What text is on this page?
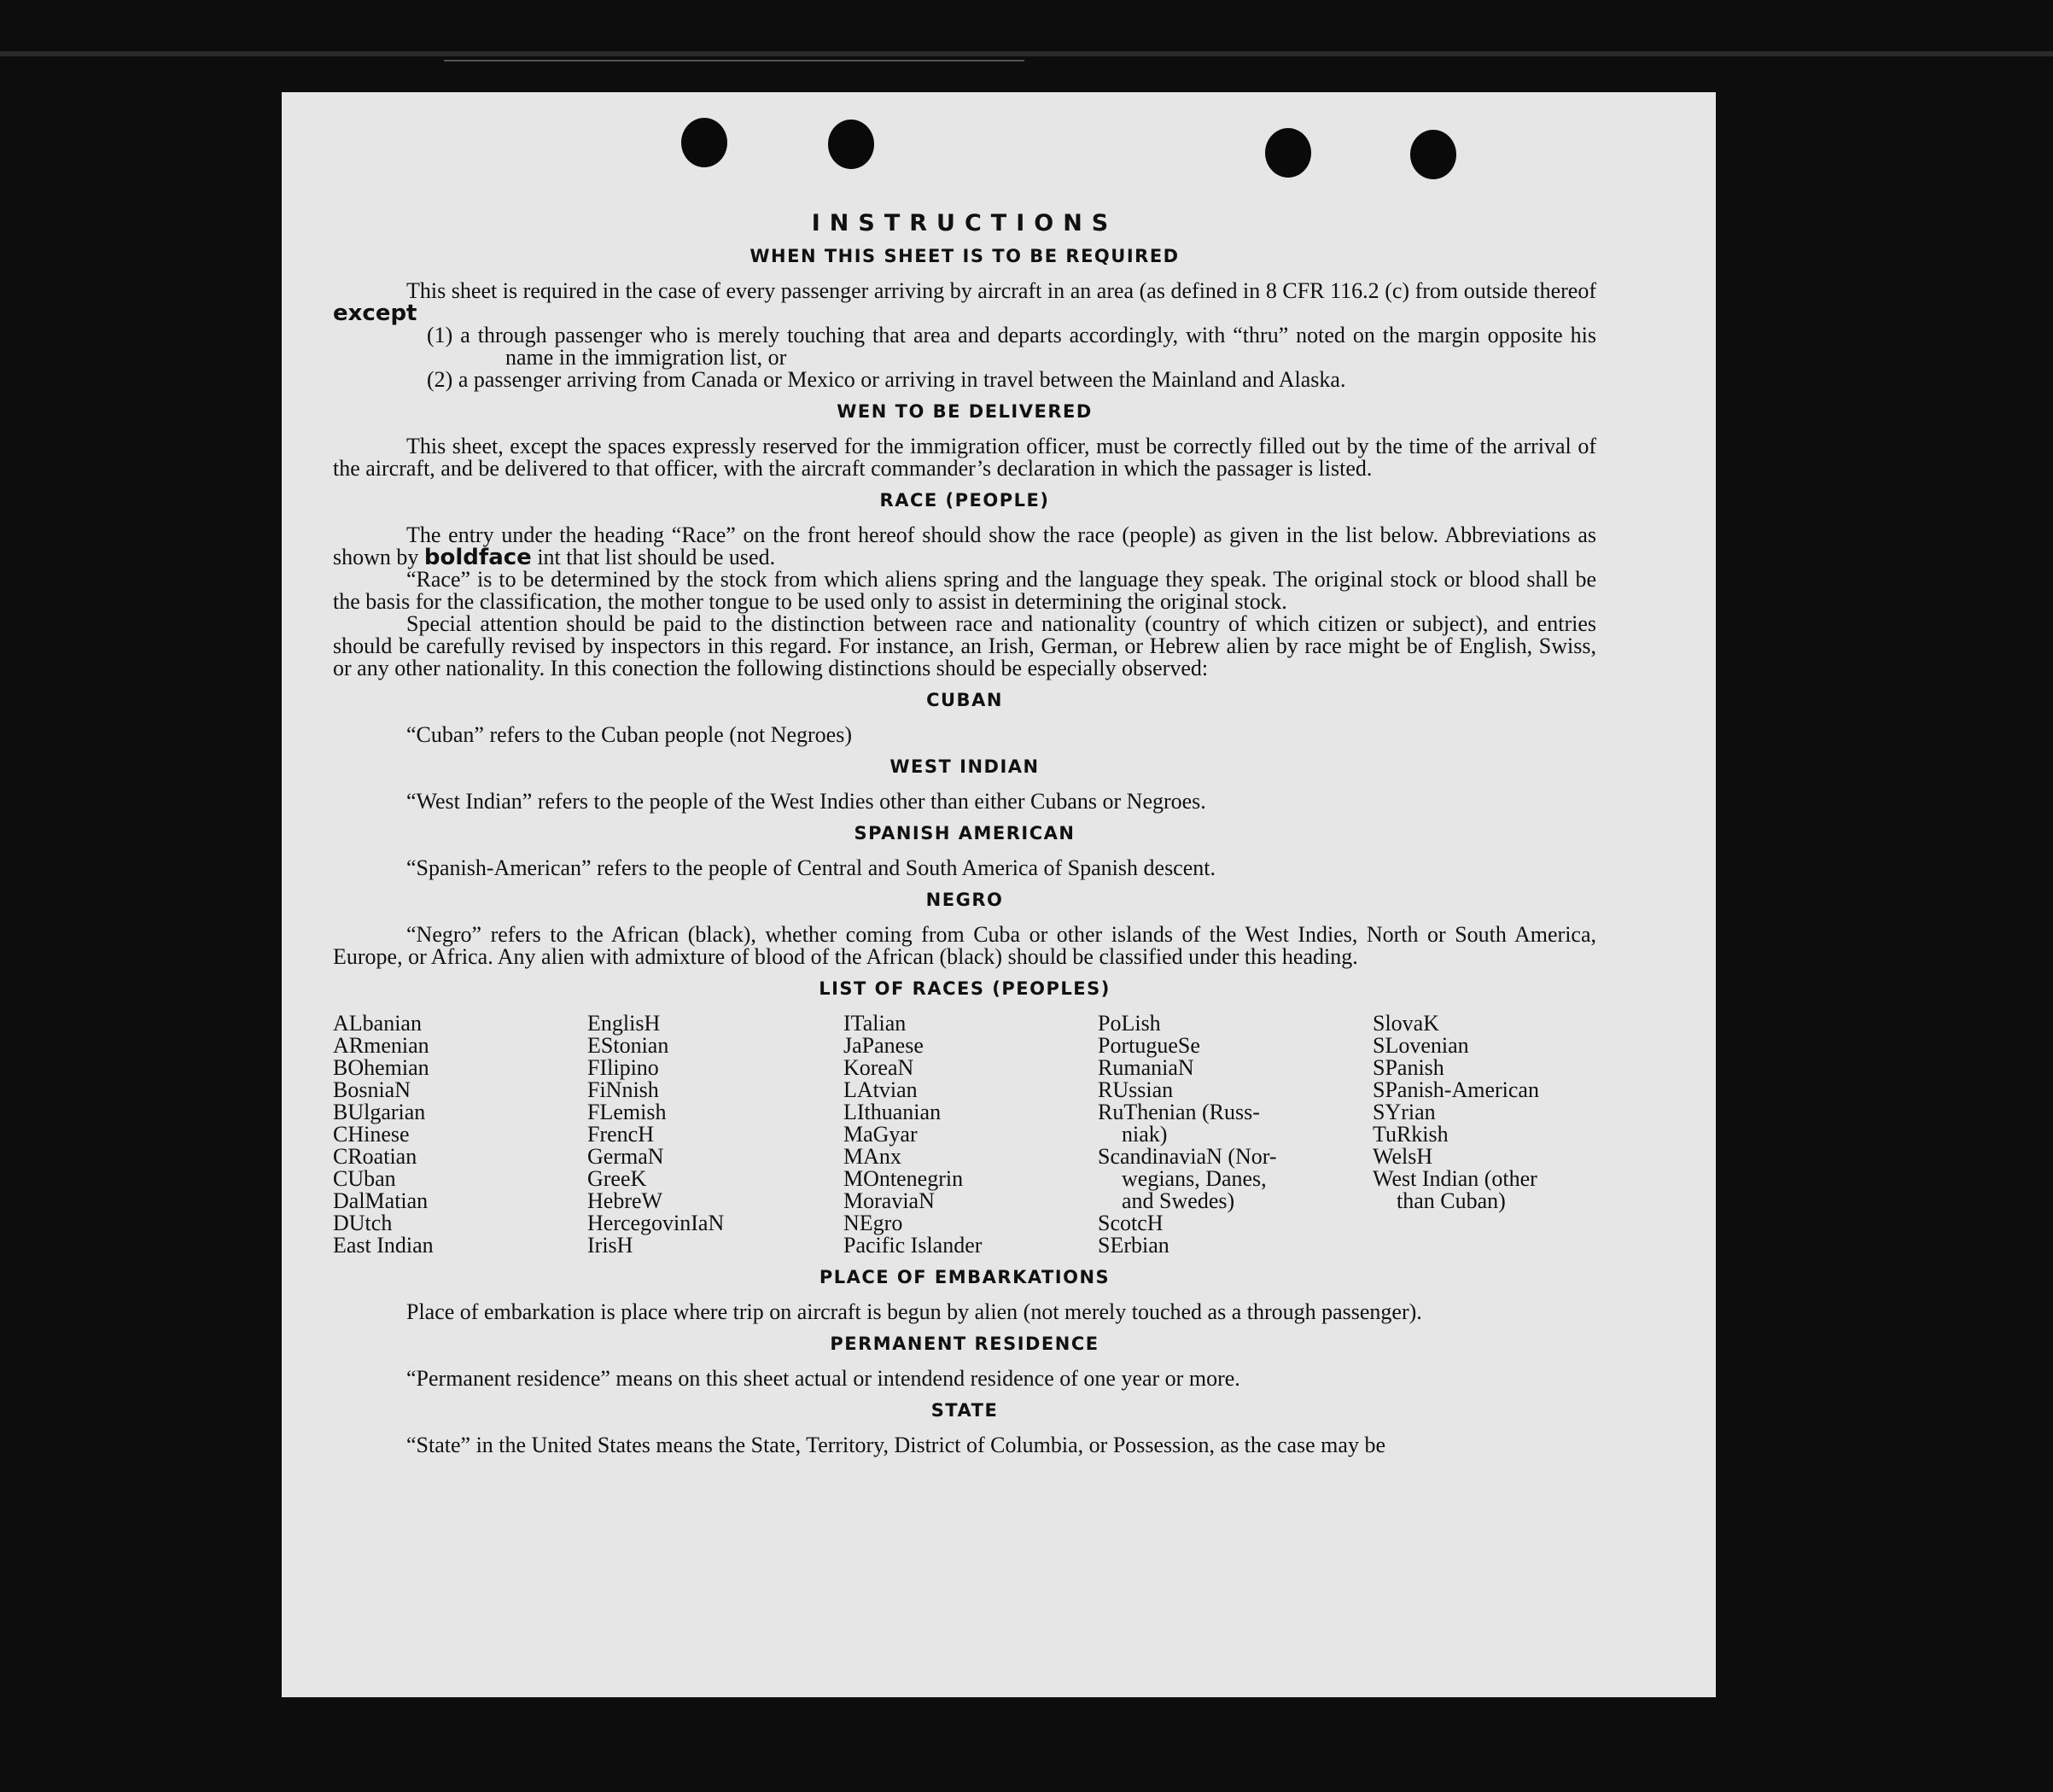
INSTRUCTIONS
WHEN THIS SHEET IS TO BE REQUIRED

This sheet is required in the case of every passenger arriving by aircraft in an area (as defined in 8 CFR 116.2 (c) from outside thereof except

(1) a through passenger who is merely touching that area and departs accordingly, with “thru” noted on the margin opposite his name in the immigration list, or
(2) a passenger arriving from Canada or Mexico or arriving in travel between the Mainland and Alaska.
WEN TO BE DELIVERED

This sheet, except the spaces expressly reserved for the immigration officer, must be correctly filled out by the time of the arrival of the aircraft, and be delivered to that officer, with the aircraft commander’s declaration in which the passager is listed.

RACE (PEOPLE)

The entry under the heading “Race” on the front hereof should show the race (people) as given in the list below. Abbreviations as shown by boldface int that list should be used.

“Race” is to be determined by the stock from which aliens spring and the language they speak. The original stock or blood shall be the basis for the classification, the mother tongue to be used only to assist in determining the original stock.

Special attention should be paid to the distinction between race and nationality (country of which citizen or subject), and entries should be carefully revised by inspectors in this regard. For instance, an Irish, German, or Hebrew alien by race might be of English, Swiss, or any other nationality. In this conection the following distinctions should be especially observed:

CUBAN

“Cuban” refers to the Cuban people (not Negroes)

WEST INDIAN

“West Indian” refers to the people of the West Indies other than either Cubans or Negroes.

SPANISH AMERICAN

“Spanish-American” refers to the people of Central and South America of Spanish descent.

NEGRO

“Negro” refers to the African (black), whether coming from Cuba or other islands of the West Indies, North or South America, Europe, or Africa. Any alien with admixture of blood of the African (black) should be classified under this heading.

LIST OF RACES (PEOPLES)
ALbanian
ARmenian
BOhemian
BosniaN
BUlgarian
CHinese
CRoatian
CUban
DalMatian
DUtch
East Indian
EnglisH
EStonian
FIlipino
FiNnish
FLemish
FrencH
GermaN
GreeK
HebreW
HercegovinIaN
IrisH
ITalian
JaPanese
KoreaN
LAtvian
LIthuanian
MaGyar
MAnx
MOntenegrin
MoraviaN
NEgro
Pacific Islander
PoLish
PortugueSe
RumaniaN
RUssian
RuThenian (Russ-
niak)
ScandinaviaN (Nor-
wegians, Danes,
and Swedes)
ScotcH
SErbian
SlovaK
SLovenian
SPanish
SPanish-American
SYrian
TuRkish
WelsH
West Indian (other
than Cuban)
PLACE OF EMBARKATIONS

Place of embarkation is place where trip on aircraft is begun by alien (not merely touched as a through passenger).

PERMANENT RESIDENCE

“Permanent residence” means on this sheet actual or intendend residence of one year or more.

STATE

“State” in the United States means the State, Territory, District of Columbia, or Possession, as the case may be
